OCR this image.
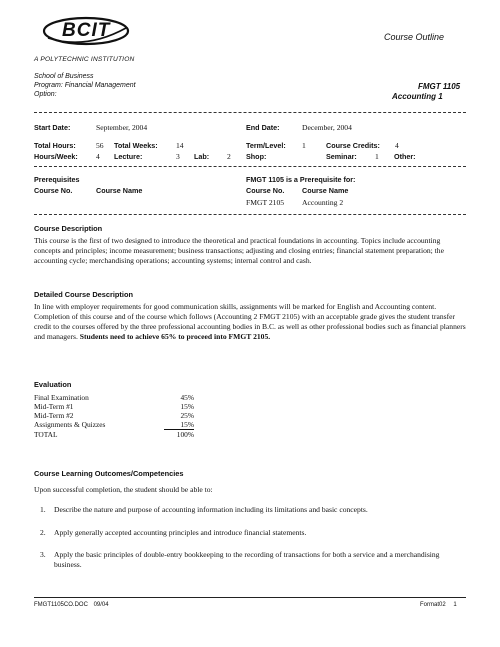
BCIT
A POLYTECHNIC INSTITUTION
Course Outline
School of Business
Program: Financial Management
Option:
FMGT 1105
Accounting 1
Start Date:	September, 2004	End Date:	December, 2004
Total Hours:	56 Total Weeks: 14	Term/Level: 1	Course Credits: 4
Hours/Week: 4 Lecture:	3 Lab: 2 Shop:	Seminar: 1 Other:
Prerequisites
Course No.	Course Name
FMGT 1105 is a Prerequisite for:
Course No. Course Name
FMGT 2105 Accounting 2
Course Description
This course is the first of two designed to introduce the theoretical and practical foundations in accounting. Topics include accounting concepts and principles; income measurement; business transactions; adjusting and closing entries; financial statement preparation; the accounting cycle; merchandising operations; accounting systems; internal control and cash.
Detailed Course Description
In line with employer requirements for good communication skills, assignments will be marked for English and Accounting content. Completion of this course and of the course which follows (Accounting 2 FMGT 2105) with an acceptable grade gives the student transfer credit to the courses offered by the three professional accounting bodies in B.C. as well as other professional bodies such as financial planners and managers. Students need to achieve 65% to proceed into FMGT 2105.
Evaluation
Final Examination	45%
Mid-Term #1	15%
Mid-Term #2	25%
Assignments & Quizzes	15%
TOTAL	100%
Course Learning Outcomes/Competencies
Upon successful completion, the student should be able to:
1. Describe the nature and purpose of accounting information including its limitations and basic concepts.
2. Apply generally accepted accounting principles and introduce financial statements.
3. Apply the basic principles of double-entry bookkeeping to the recording of transactions for both a service and a merchandising business.
FMGT1105CO.DOC 09/04	Format02 1
